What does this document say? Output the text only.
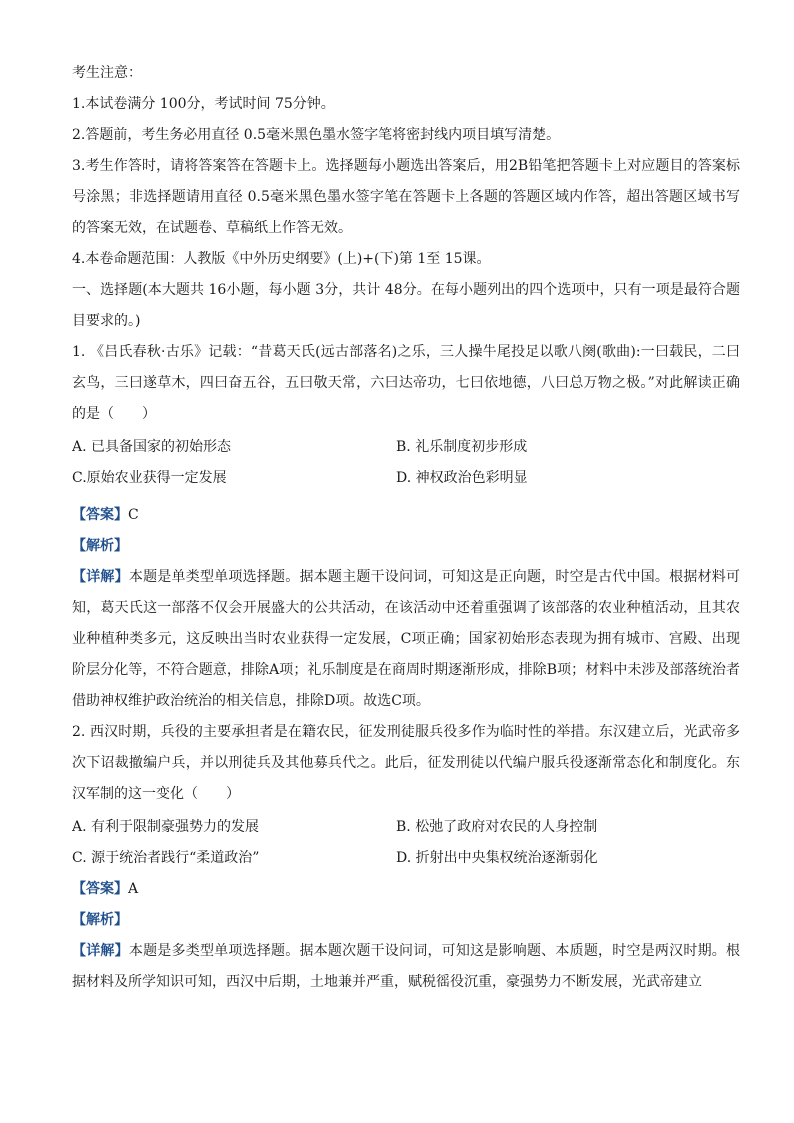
考生注意：
1.本试卷满分 100分，考试时间 75分钟。
2.答题前，考生务必用直径 0.5毫米黑色墨水签字笔将密封线内项目填写清楚。
3.考生作答时，请将答案答在答题卡上。选择题每小题选出答案后，用2B铅笔把答题卡上对应题目的答案标号涂黑；非选择题请用直径 0.5毫米黑色墨水签字笔在答题卡上各题的答题区域内作答，超出答题区域书写的答案无效，在试题卷、草稿纸上作答无效。
4.本卷命题范围：人教版《中外历史纲要》(上)+(下)第 1至 15课。
一、选择题(本大题共 16小题，每小题 3分，共计 48分。在每小题列出的四个选项中，只有一项是最符合题目要求的。)
1. 《吕氏春秋·古乐》记载：“昔葛天氏(远古部落名)之乐，三人操牛尾投足以歌八阕(歌曲):一曰载民，二曰玄鸟，三曰遂草木，四曰奋五谷，五曰敬天常，六曰达帝功，七曰依地德，八曰总万物之极。”对此解读正确的是（　　）
A. 已具备国家的初始形态	B. 礼乐制度初步形成
C.原始农业获得一定发展	D. 神权政治色彩明显
【答案】C
【解析】
【详解】本题是单类型单项选择题。据本题主题干设问词，可知这是正向题，时空是古代中国。根据材料可知，葛天氏这一部落不仅会开展盛大的公共活动，在该活动中还着重强调了该部落的农业种植活动，且其农业种植种类多元，这反映出当时农业获得一定发展，C项正确；国家初始形态表现为拥有城市、宫殿、出现阶层分化等，不符合题意，排除A项；礼乐制度是在商周时期逐渐形成，排除B项；材料中未涉及部落统治者借助神权维护政治统治的相关信息，排除D项。故选C项。
2. 西汉时期，兵役的主要承担者是在籍农民，征发刑徒服兵役多作为临时性的举措。东汉建立后，光武帝多次下诏裁撤编户兵，并以刑徒兵及其他募兵代之。此后，征发刑徒以代编户服兵役逐渐常态化和制度化。东汉军制的这一变化（　　）
A. 有利于限制豪强势力的发展	B. 松弛了政府对农民的人身控制
C. 源于统治者践行“柔道政治”	D. 折射出中央集权统治逐渐弱化
【答案】A
【解析】
【详解】本题是多类型单项选择题。据本题次题干设问词，可知这是影响题、本质题，时空是两汉时期。根据材料及所学知识可知，西汉中后期，土地兼并严重，赋税徭役沉重，豪强势力不断发展，光武帝建立
